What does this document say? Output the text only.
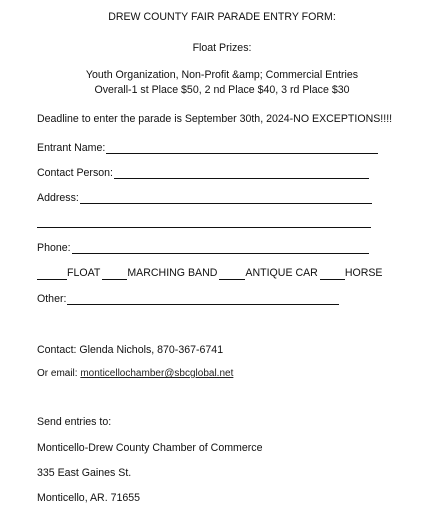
DREW COUNTY FAIR PARADE ENTRY FORM:
Float Prizes:
Youth Organization, Non-Profit &amp; Commercial Entries
Overall-1 st Place $50, 2 nd Place $40, 3 rd Place $30
Deadline to enter the parade is September 30th, 2024-NO EXCEPTIONS!!!!
Entrant Name:
Contact Person:
Address:
Phone:
FLOAT	MARCHING BAND	ANTIQUE CAR	HORSE
Other:
Contact: Glenda Nichols, 870-367-6741
Or email: monticellochamber@sbcglobal.net
Send entries to:
Monticello-Drew County Chamber of Commerce
335 East Gaines St.
Monticello, AR. 71655
